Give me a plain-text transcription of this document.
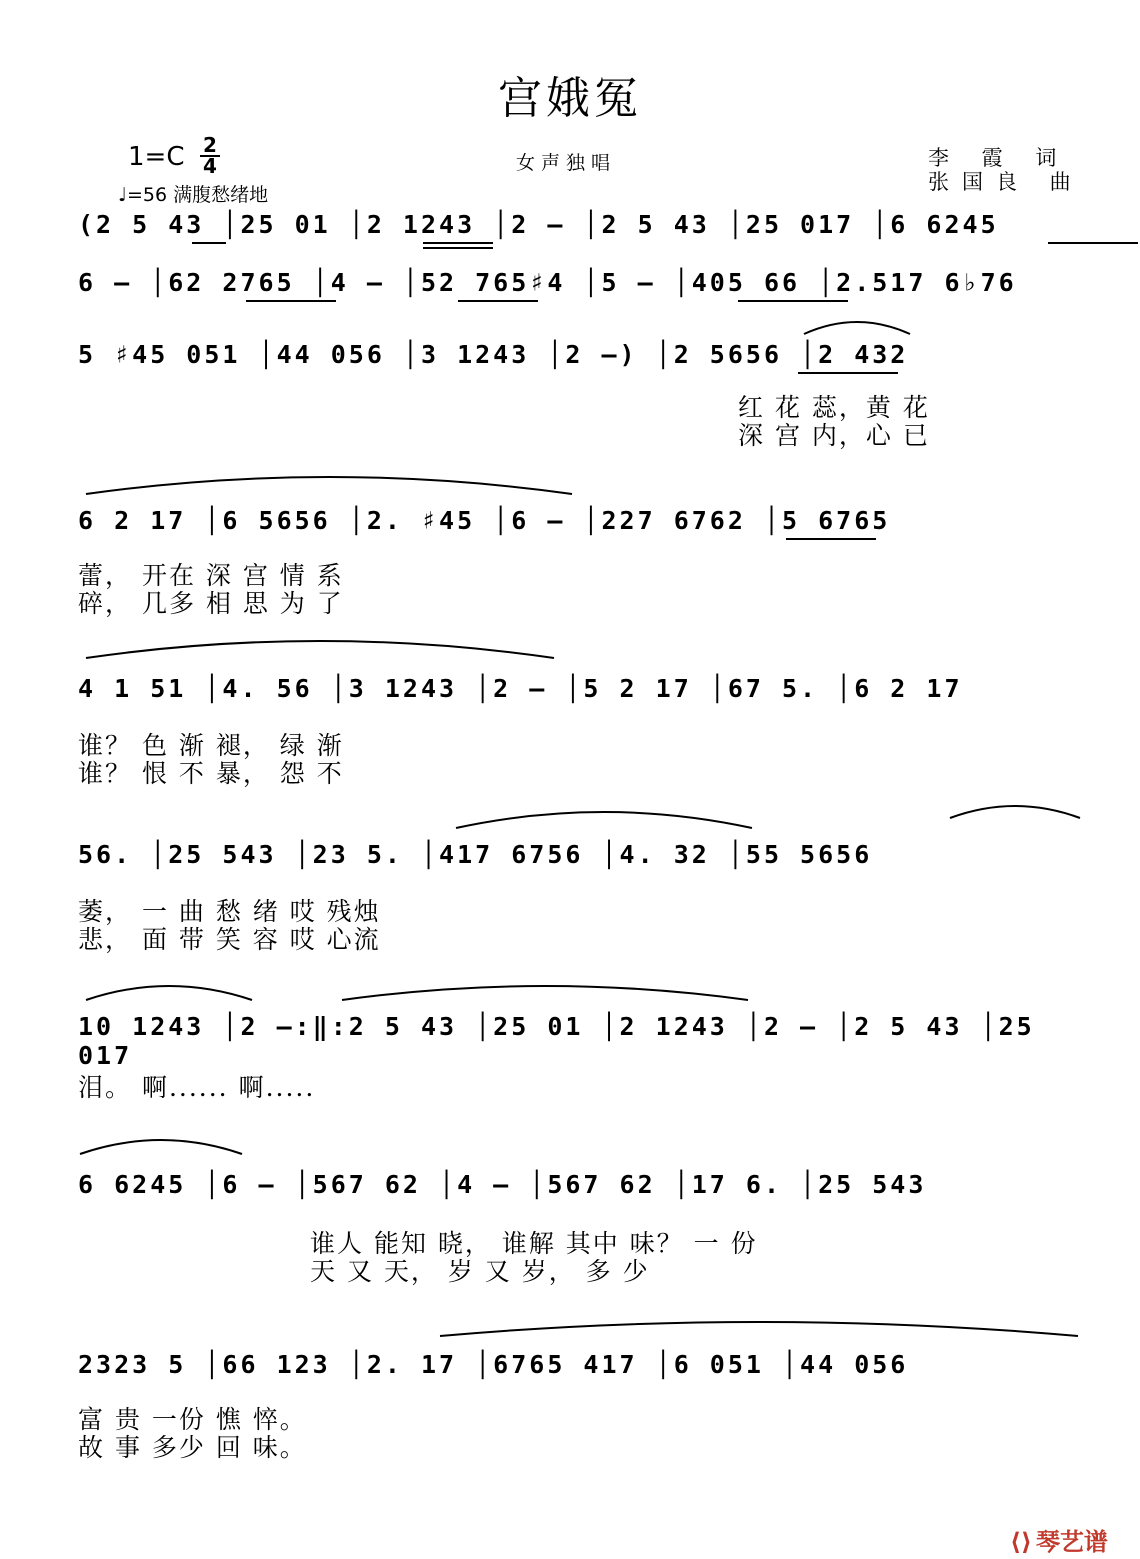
宫娥冤
$1=C \frac{2}{4}$	女声独唱
♩=56 满腹愁绪地
李 霞 词
张国良 曲
(2 5 43 │25 01 │2 1243 │2 – │2 5 43 │25 017 │6 6245
6 – │62 2765 │4 – │52 765♯4 │5 – │405 66 │2.517 6♭76
5 ♯45 051 │44 056 │3 1243 │2 –) │2 5656 │2 432
红 花 蕊，黄 花
深 宫 内，心 已
6 2 17 │6 5656 │2. ♯45 │6 – │227 6762 │5 6765
蕾， 开在 深 宫 情 系
碎， 几多 相 思 为 了
4 1 51 │4. 56 │3 1243 │2 – │5 2 17 │67 5. │6 2 17
谁？ 色 渐 褪， 绿 渐
谁？ 恨 不 暴， 怨 不
56. │25 543 │23 5. │417 6756 │4. 32 │55 5656
萎， 一 曲 愁 绪 哎 残烛
悲， 面 带 笑 容 哎 心流
10 1243 │2 –:‖:2 5 43 │25 01 │2 1243 │2 – │2 5 43 │25 017
泪。 啊...... 啊.....
6 6245 │6 – │567 62 │4 – │567 62 │17 6. │25 543
谁人 能知 晓， 谁解 其中 味？ 一 份
天 又 天， 岁 又 岁， 多 少
2323 5 │66 123 │2. 17 │6765 417 │6 051 │44 056
富 贵 一份 憔 悴。
故 事 多少 回 味。
⟨⟩ 琴艺谱
